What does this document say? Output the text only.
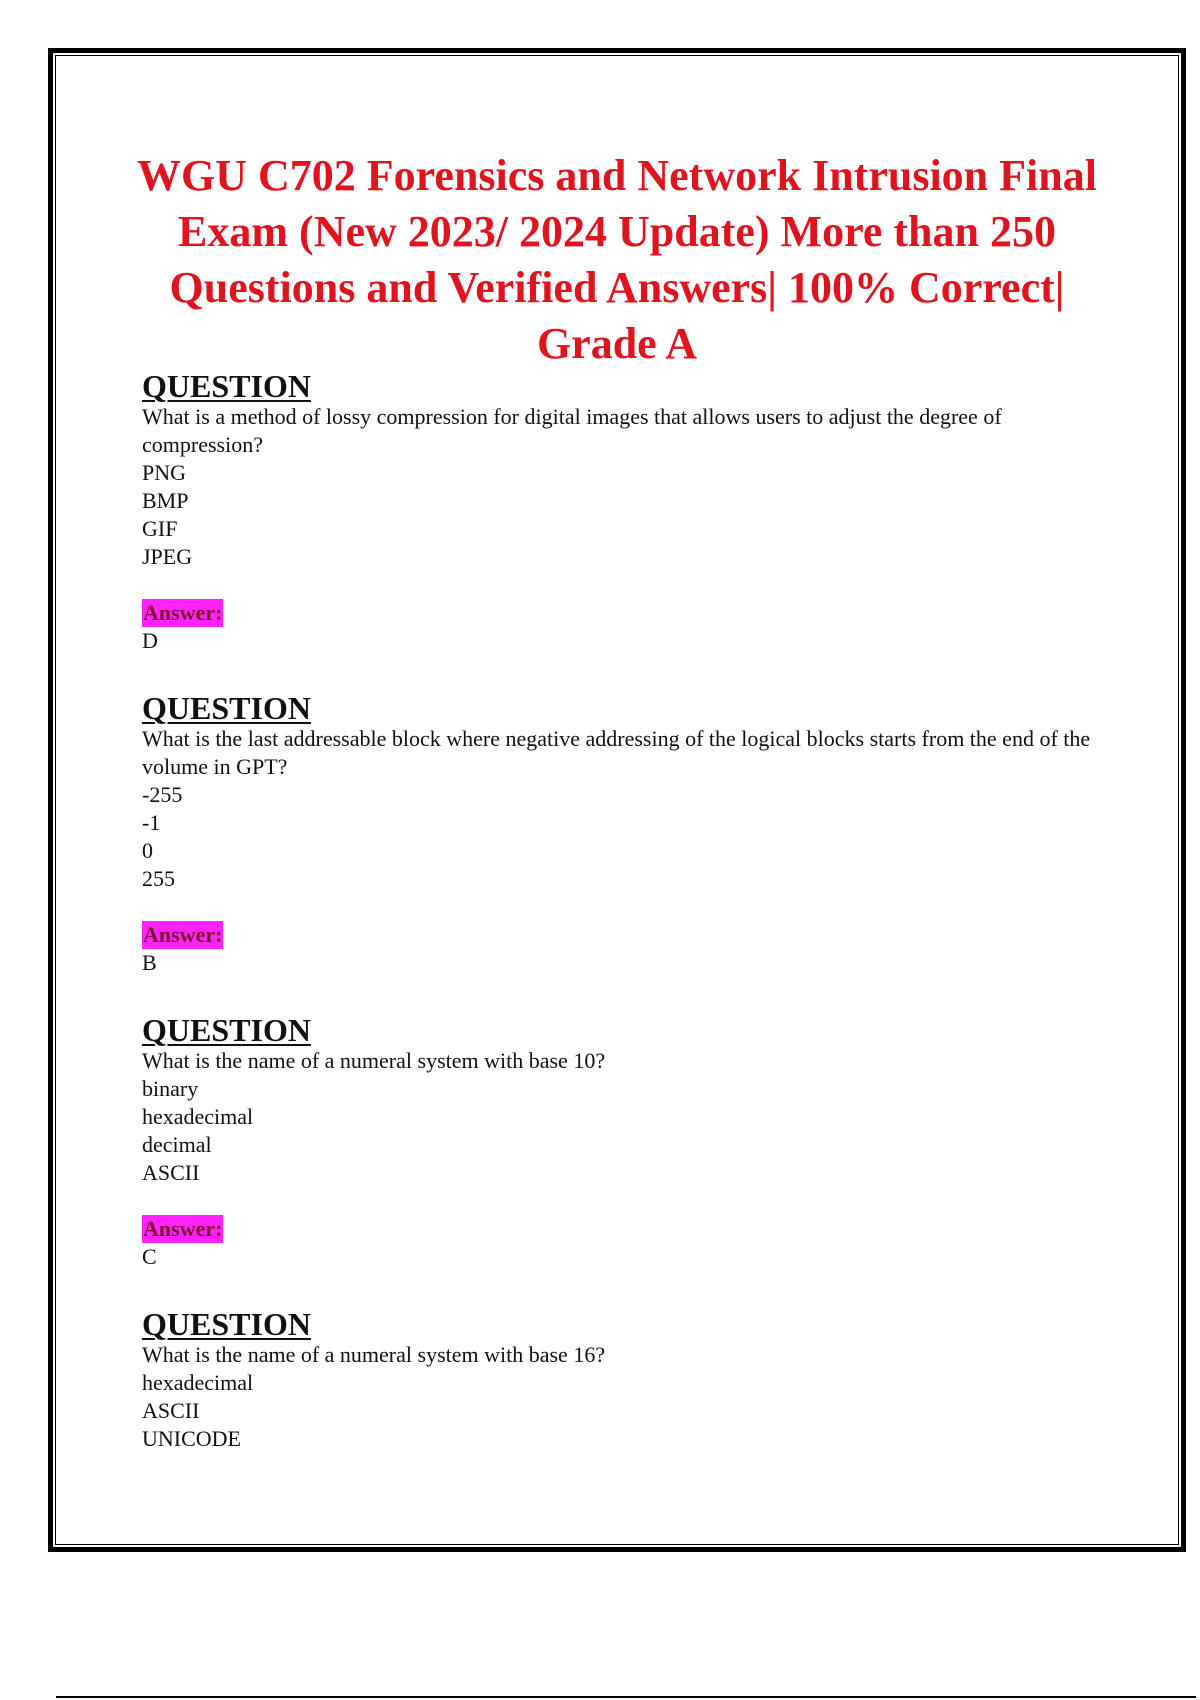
WGU C702 Forensics and Network Intrusion Final Exam (New 2023/ 2024 Update) More than 250 Questions and Verified Answers| 100% Correct| Grade A

QUESTION

What is a method of lossy compression for digital images that allows users to adjust the degree of compression?

PNG

BMP

GIF

JPEG

Answer:

D

QUESTION

What is the last addressable block where negative addressing of the logical blocks starts from the end of the volume in GPT?

-255

-1

0

255

Answer:

B

QUESTION

What is the name of a numeral system with base 10?

binary

hexadecimal

decimal

ASCII

Answer:

C

QUESTION

What is the name of a numeral system with base 16?

hexadecimal

ASCII

UNICODE
